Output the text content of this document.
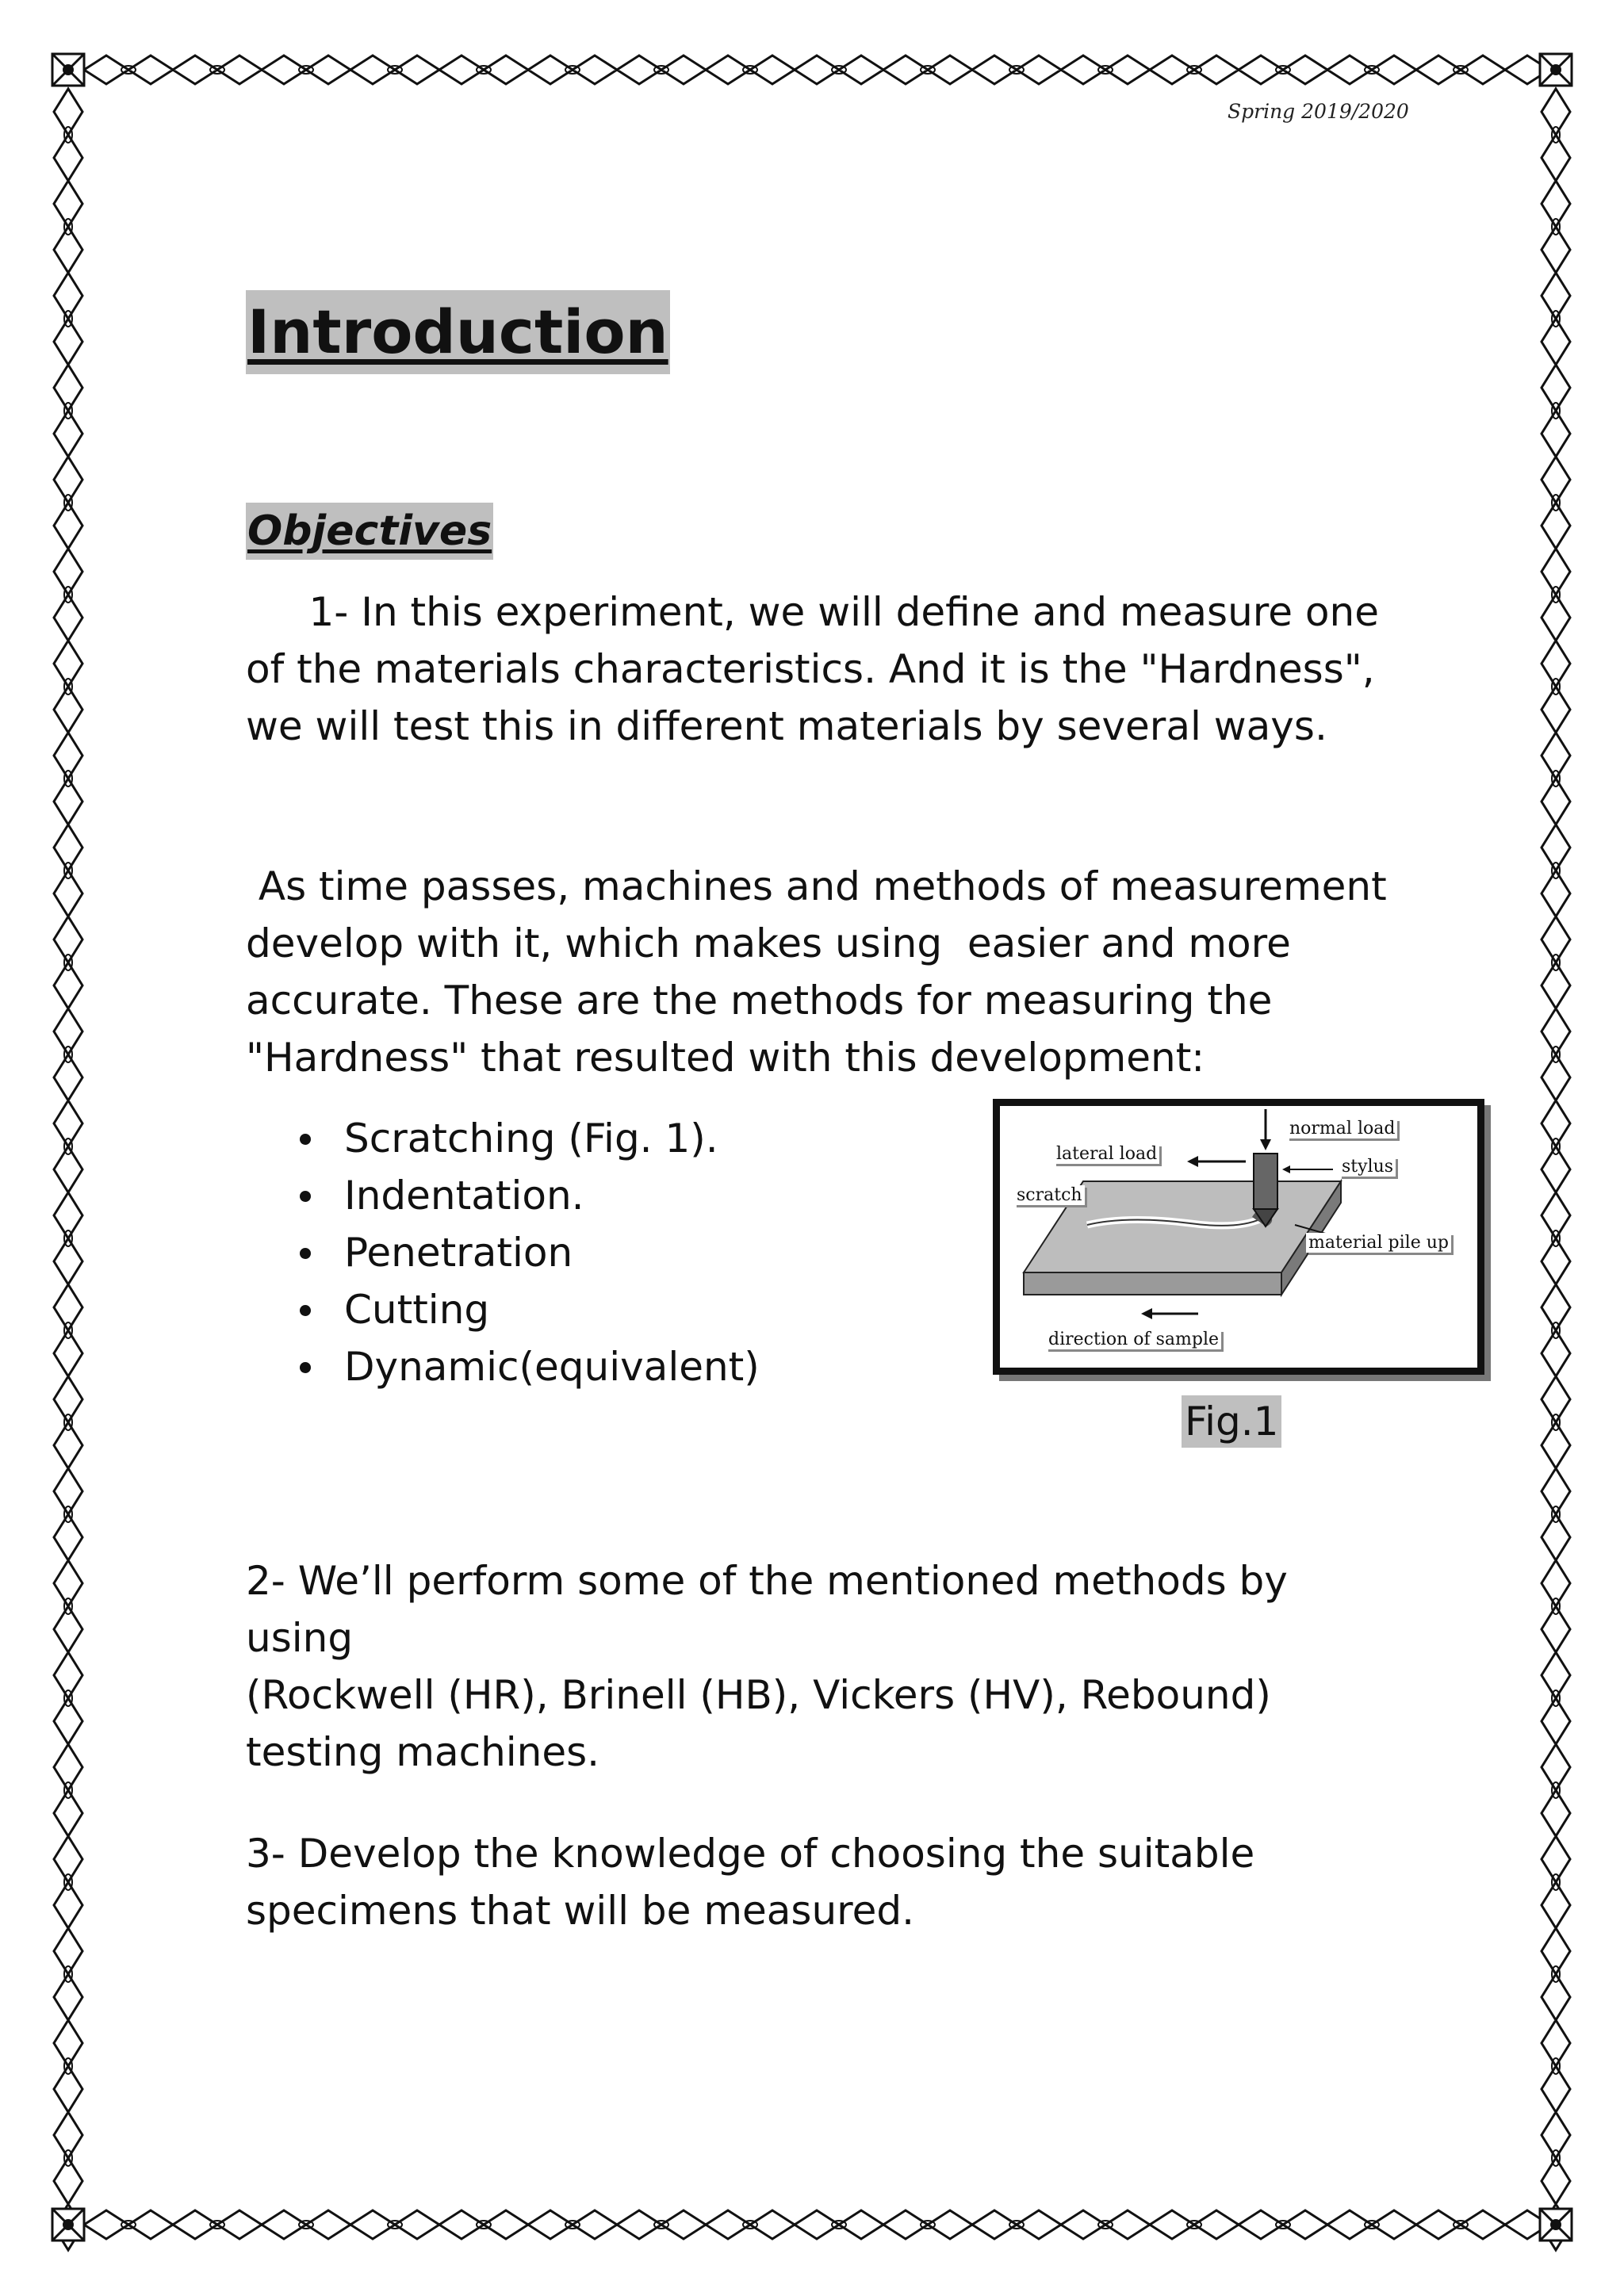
Spring 2019/2020
Introduction
Objectives
1- In this experiment, we will define and measure one
of the materials characteristics. And it is the "Hardness",
we will test this in different materials by several ways.
As time passes, machines and methods of measurement
develop with it, which makes using  easier and more
accurate. These are the methods for measuring the
"Hardness" that resulted with this development:
Scratching (Fig. 1).
Indentation.
Penetration
Cutting
Dynamic(equivalent)
normal load
lateral load
stylus
scratch
material pile up
direction of sample
Fig.1
2- We’ll perform some of the mentioned methods by using
(Rockwell (HR), Brinell (HB), Vickers (HV), Rebound)
testing machines.
3- Develop the knowledge of choosing the suitable
specimens that will be measured.
